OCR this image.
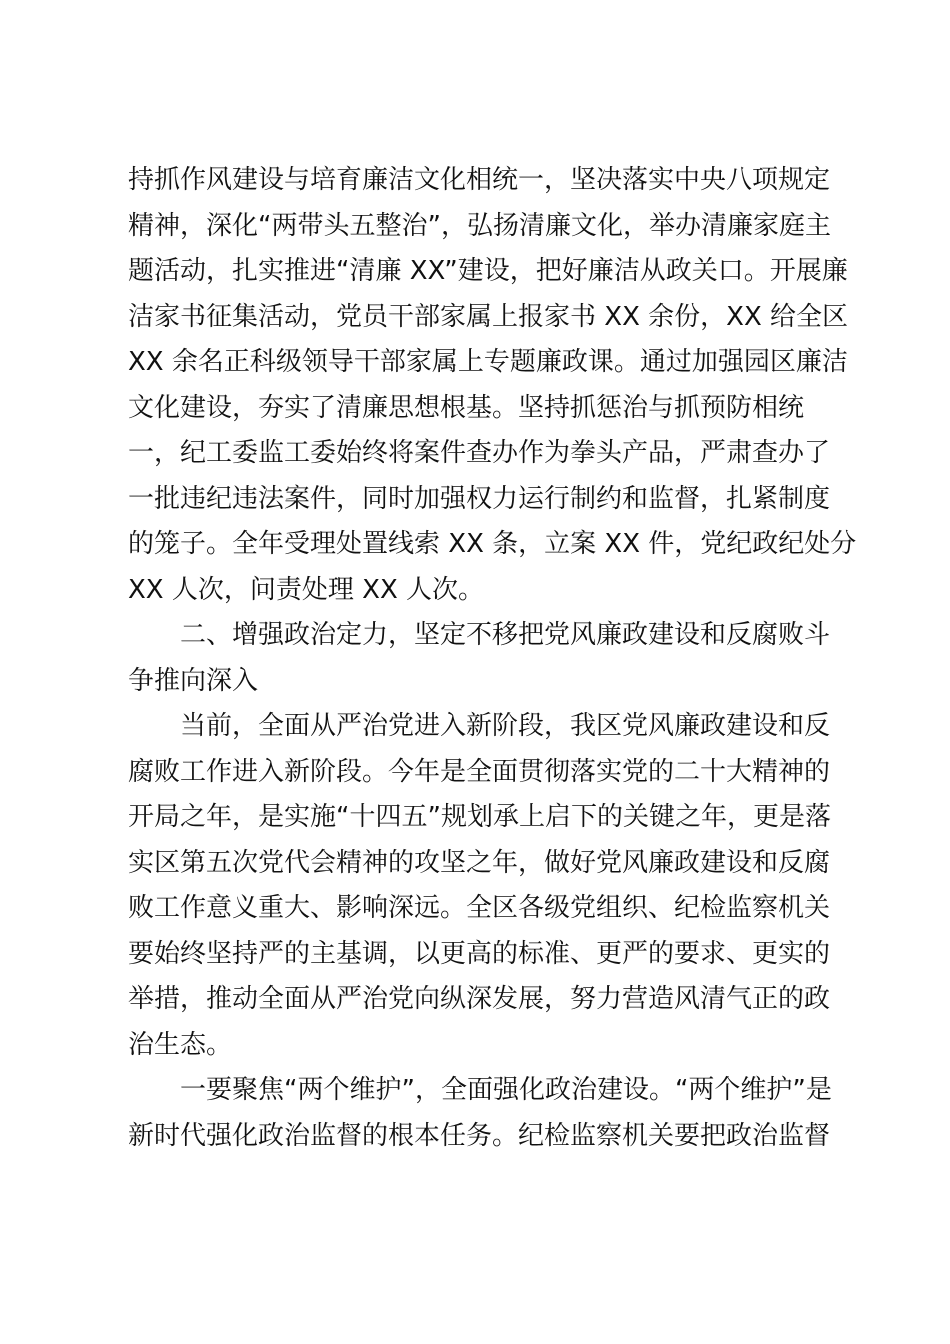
持抓作风建设与培育廉洁文化相统一，坚决落实中央八项规定
精神，深化“两带头五整治”，弘扬清廉文化，举办清廉家庭主
题活动，扎实推进“清廉 XX”建设，把好廉洁从政关口。开展廉
洁家书征集活动，党员干部家属上报家书 XX 余份，XX 给全区
XX 余名正科级领导干部家属上专题廉政课。通过加强园区廉洁
文化建设，夯实了清廉思想根基。坚持抓惩治与抓预防相统
一，纪工委监工委始终将案件查办作为拳头产品，严肃查办了
一批违纪违法案件，同时加强权力运行制约和监督，扎紧制度
的笼子。全年受理处置线索 XX 条，立案 XX 件，党纪政纪处分
XX 人次，问责处理 XX 人次。
二、增强政治定力，坚定不移把党风廉政建设和反腐败斗
争推向深入
当前，全面从严治党进入新阶段，我区党风廉政建设和反
腐败工作进入新阶段。今年是全面贯彻落实党的二十大精神的
开局之年，是实施“十四五”规划承上启下的关键之年，更是落
实区第五次党代会精神的攻坚之年，做好党风廉政建设和反腐
败工作意义重大、影响深远。全区各级党组织、纪检监察机关
要始终坚持严的主基调，以更高的标准、更严的要求、更实的
举措，推动全面从严治党向纵深发展，努力营造风清气正的政
治生态。
一要聚焦“两个维护”，全面强化政治建设。“两个维护”是
新时代强化政治监督的根本任务。纪检监察机关要把政治监督
